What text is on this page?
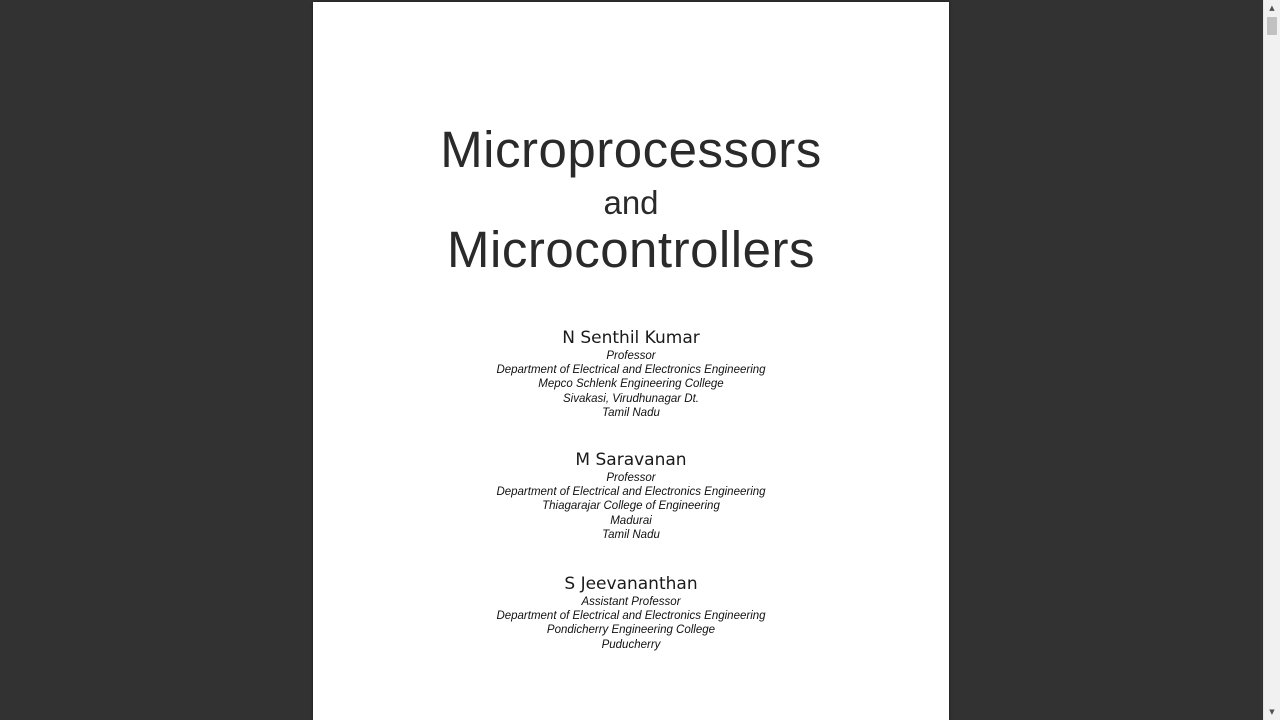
Microprocessors
and
Microcontrollers
N Senthil Kumar
Professor
Department of Electrical and Electronics Engineering
Mepco Schlenk Engineering College
Sivakasi, Virudhunagar Dt.
Tamil Nadu
M Saravanan
Professor
Department of Electrical and Electronics Engineering
Thiagarajar College of Engineering
Madurai
Tamil Nadu
S Jeevananthan
Assistant Professor
Department of Electrical and Electronics Engineering
Pondicherry Engineering College
Puducherry
▲
▼
